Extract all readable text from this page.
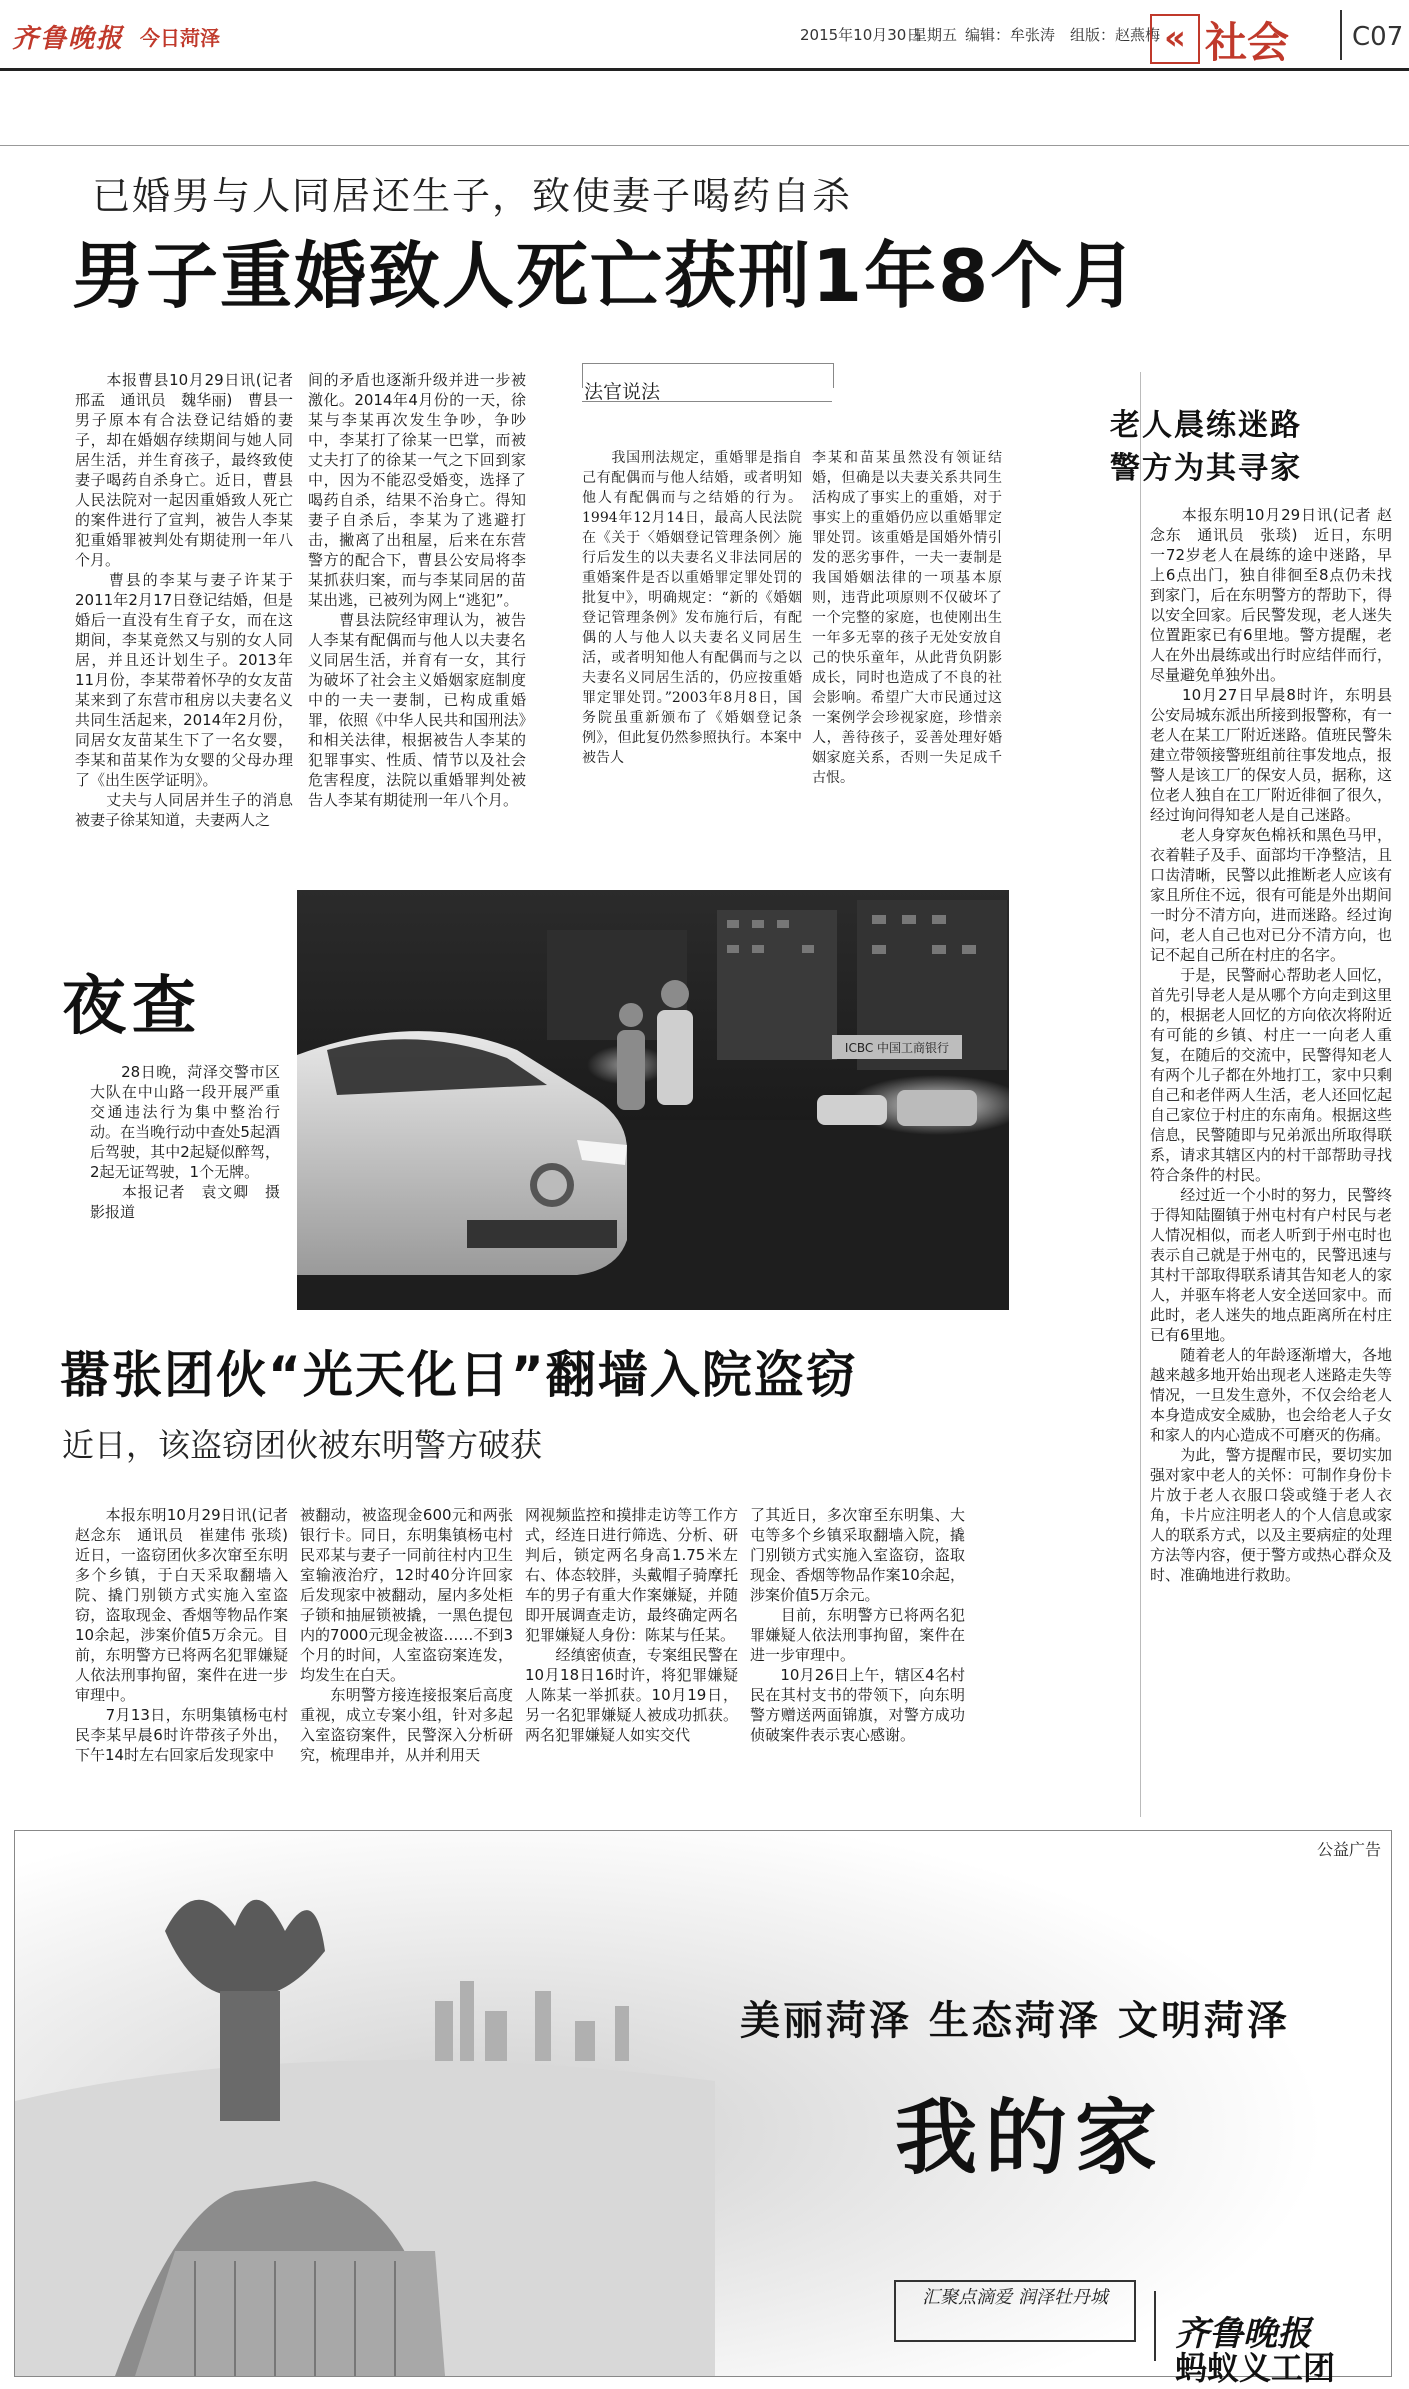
齐鲁晚报 今日菏泽	2015年10月30日
星期五 编辑：牟张涛 组版：赵燕梅 « 社会 C07
已婚男与人同居还生子，致使妻子喝药自杀
男子重婚致人死亡获刑1年8个月
　　本报曹县10月29日讯(记者 邢孟　通讯员　魏华丽)　曹县一男子原本有合法登记结婚的妻子，却在婚姻存续期间与她人同居生活，并生育孩子，最终致使妻子喝药自杀身亡。近日，曹县人民法院对一起因重婚致人死亡的案件进行了宣判，被告人李某犯重婚罪被判处有期徒刑一年八个月。
　　曹县的李某与妻子许某于2011年2月17日登记结婚，但是婚后一直没有生育子女，而在这期间，李某竟然又与别的女人同居，并且还计划生子。2013年11月份，李某带着怀孕的女友苗某来到了东营市租房以夫妻名义共同生活起来，2014年2月份，同居女友苗某生下了一名女婴，李某和苗某作为女婴的父母办理了《出生医学证明》。
　　丈夫与人同居并生子的消息被妻子徐某知道，夫妻两人之
间的矛盾也逐渐升级并进一步被激化。2014年4月份的一天，徐某与李某再次发生争吵，争吵中，李某打了徐某一巴掌，而被丈夫打了的徐某一气之下回到家中，因为不能忍受婚变，选择了喝药自杀，结果不治身亡。得知妻子自杀后，李某为了逃避打击，撇离了出租屋，后来在东营警方的配合下，曹县公安局将李某抓获归案，而与李某同居的苗某出逃，已被列为网上“逃犯”。
　　曹县法院经审理认为，被告人李某有配偶而与他人以夫妻名义同居生活，并育有一女，其行为破坏了社会主义婚姻家庭制度中的一夫一妻制，已构成重婚罪，依照《中华人民共和国刑法》和相关法律，根据被告人李某的犯罪事实、性质、情节以及社会危害程度，法院以重婚罪判处被告人李某有期徒刑一年八个月。
法官说法
　　我国刑法规定，重婚罪是指自己有配偶而与他人结婚，或者明知他人有配偶而与之结婚的行为。1994年12月14日，最高人民法院在《关于〈婚姻登记管理条例〉施行后发生的以夫妻名义非法同居的重婚案件是否以重婚罪定罪处罚的批复中》，明确规定：“新的《婚姻登记管理条例》发布施行后，有配偶的人与他人以夫妻名义同居生活，或者明知他人有配偶而与之以夫妻名义同居生活的，仍应按重婚罪定罪处罚。”2003年8月8日，国务院虽重新颁布了《婚姻登记条例》，但此复仍然参照执行。本案中被告人
李某和苗某虽然没有领证结婚，但确是以夫妻关系共同生活构成了事实上的重婚，对于事实上的重婚仍应以重婚罪定罪处罚。该重婚是国婚外情引发的恶劣事件，一夫一妻制是我国婚姻法律的一项基本原则，违背此项原则不仅破坏了一个完整的家庭，也使刚出生一年多无辜的孩子无处安放自己的快乐童年，从此背负阴影成长，同时也造成了不良的社会影响。希望广大市民通过这一案例学会珍视家庭，珍惜亲人，善待孩子，妥善处理好婚姻家庭关系，否则一失足成千古恨。
老人晨练迷路
警方为其寻家
　　本报东明10月29日讯(记者 赵念东　通讯员　张琰)　近日，东明一72岁老人在晨练的途中迷路，早上6点出门，独自徘徊至8点仍未找到家门，后在东明警方的帮助下，得以安全回家。后民警发现，老人迷失位置距家已有6里地。警方提醒，老人在外出晨练或出行时应结伴而行，尽量避免单独外出。
　　10月27日早晨8时许，东明县公安局城东派出所接到报警称，有一老人在某工厂附近迷路。值班民警朱建立带领接警班组前往事发地点，报警人是该工厂的保安人员，据称，这位老人独自在工厂附近徘徊了很久，经过询问得知老人是自己迷路。
　　老人身穿灰色棉袄和黑色马甲，衣着鞋子及手、面部均干净整洁，且口齿清晰，民警以此推断老人应该有家且所住不远，很有可能是外出期间一时分不清方向，进而迷路。经过询问，老人自己也对已分不清方向，也记不起自己所在村庄的名字。
　　于是，民警耐心帮助老人回忆，首先引导老人是从哪个方向走到这里的，根据老人回忆的方向依次将附近有可能的乡镇、村庄一一向老人重复，在随后的交流中，民警得知老人有两个儿子都在外地打工，家中只剩自己和老伴两人生活，老人还回忆起自己家位于村庄的东南角。根据这些信息，民警随即与兄弟派出所取得联系，请求其辖区内的村干部帮助寻找符合条件的村民。
　　经过近一个小时的努力，民警终于得知陆圈镇于州屯村有户村民与老人情况相似，而老人听到于州屯时也表示自己就是于州屯的，民警迅速与其村干部取得联系请其告知老人的家人，并驱车将老人安全送回家中。而此时，老人迷失的地点距离所在村庄已有6里地。
　　随着老人的年龄逐渐增大，各地越来越多地开始出现老人迷路走失等情况，一旦发生意外，不仅会给老人本身造成安全威胁，也会给老人子女和家人的内心造成不可磨灭的伤痛。
　　为此，警方提醒市民，要切实加强对家中老人的关怀：可制作身份卡片放于老人衣服口袋或缝于老人衣角，卡片应注明老人的个人信息或家人的联系方式，以及主要病症的处理方法等内容，便于警方或热心群众及时、准确地进行救助。
夜查
　　28日晚，菏泽交警市区大队在中山路一段开展严重交通违法行为集中整治行动。在当晚行动中查处5起酒后驾驶，其中2起疑似醉驾，2起无证驾驶，1个无牌。
　　本报记者　袁文卿　摄影报道
ICBC 中国工商银行
嚣张团伙“光天化日”翻墙入院盗窃
近日，该盗窃团伙被东明警方破获
　　本报东明10月29日讯(记者 赵念东　通讯员　崔建伟 张琰)　近日，一盗窃团伙多次窜至东明多个乡镇，于白天采取翻墙入院、撬门别锁方式实施入室盗窃，盗取现金、香烟等物品作案10余起，涉案价值5万余元。目前，东明警方已将两名犯罪嫌疑人依法刑事拘留，案件在进一步审理中。
　　7月13日，东明集镇杨屯村民李某早晨6时许带孩子外出，下午14时左右回家后发现家中
被翻动，被盗现金600元和两张银行卡。同日，东明集镇杨屯村民邓某与妻子一同前往村内卫生室输液治疗，12时40分许回家后发现家中被翻动，屋内多处柜子锁和抽屉锁被撬，一黑色提包内的7000元现金被盗……不到3个月的时间，人室盗窃案连发，均发生在白天。
　　东明警方接连接报案后高度重视，成立专案小组，针对多起入室盗窃案件，民警深入分析研究，梳理串并，从并利用天
网视频监控和摸排走访等工作方式，经连日进行筛选、分析、研判后，锁定两名身高1.75米左右、体态较胖，头戴帽子骑摩托车的男子有重大作案嫌疑，并随即开展调查走访，最终确定两名犯罪嫌疑人身份：陈某与任某。
　　经缜密侦查，专案组民警在10月18日16时许，将犯罪嫌疑人陈某一举抓获。10月19日，另一名犯罪嫌疑人被成功抓获。两名犯罪嫌疑人如实交代
了其近日，多次窜至东明集、大屯等多个乡镇采取翻墙入院，撬门别锁方式实施入室盗窃，盗取现金、香烟等物品作案10余起，涉案价值5万余元。
　　目前，东明警方已将两名犯罪嫌疑人依法刑事拘留，案件在进一步审理中。
　　10月26日上午，辖区4名村民在其村支书的带领下，向东明警方赠送两面锦旗，对警方成功侦破案件表示衷心感谢。
汇聚点滴爱 润泽牡丹城
公益广告
美丽菏泽 生态菏泽 文明菏泽
我的家
齐鲁晚报
蚂蚁义工团
